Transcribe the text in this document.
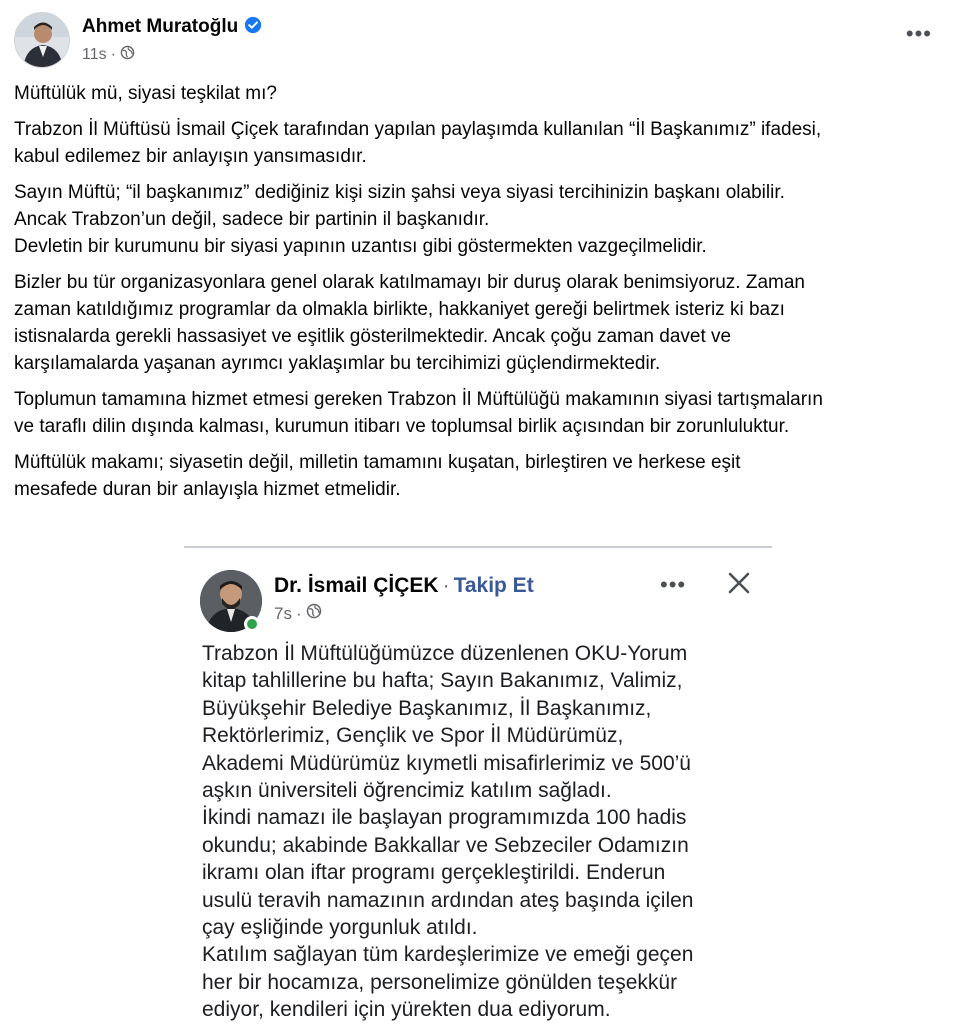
Ahmet Muratoğlu
11s ·
•••

Müftülük mü, siyasi teşkilat mı?

Trabzon İl Müftüsü İsmail Çiçek tarafından yapılan paylaşımda kullanılan “İl Başkanımız” ifadesi,
kabul edilemez bir anlayışın yansımasıdır.

Sayın Müftü; “il başkanımız” dediğiniz kişi sizin şahsi veya siyasi tercihinizin başkanı olabilir.
Ancak Trabzon’un değil, sadece bir partinin il başkanıdır.
Devletin bir kurumunu bir siyasi yapının uzantısı gibi göstermekten vazgeçilmelidir.

Bizler bu tür organizasyonlara genel olarak katılmamayı bir duruş olarak benimsiyoruz. Zaman
zaman katıldığımız programlar da olmakla birlikte, hakkaniyet gereği belirtmek isteriz ki bazı
istisnalarda gerekli hassasiyet ve eşitlik gösterilmektedir. Ancak çoğu zaman davet ve
karşılamalarda yaşanan ayrımcı yaklaşımlar bu tercihimizi güçlendirmektedir.

Toplumun tamamına hizmet etmesi gereken Trabzon İl Müftülüğü makamının siyasi tartışmaların
ve taraflı dilin dışında kalması, kurumun itibarı ve toplumsal birlik açısından bir zorunluluktur.

Müftülük makamı; siyasetin değil, milletin tamamını kuşatan, birleştiren ve herkese eşit
mesafede duran bir anlayışla hizmet etmelidir.

Dr. İsmail ÇİÇEK · Takip Et
7s ·
•••
Trabzon İl Müftülüğümüzce düzenlenen OKU-Yorum
kitap tahlillerine bu hafta; Sayın Bakanımız, Valimiz,
Büyükşehir Belediye Başkanımız, İl Başkanımız,
Rektörlerimiz, Gençlik ve Spor İl Müdürümüz,
Akademi Müdürümüz kıymetli misafirlerimiz ve 500’ü
aşkın üniversiteli öğrencimiz katılım sağladı.
İkindi namazı ile başlayan programımızda 100 hadis
okundu; akabinde Bakkallar ve Sebzeciler Odamızın
ikramı olan iftar programı gerçekleştirildi. Enderun
usulü teravih namazının ardından ateş başında içilen
çay eşliğinde yorgunluk atıldı.
Katılım sağlayan tüm kardeşlerimize ve emeği geçen
her bir hocamıza, personelimize gönülden teşekkür
ediyor, kendileri için yürekten dua ediyorum.
